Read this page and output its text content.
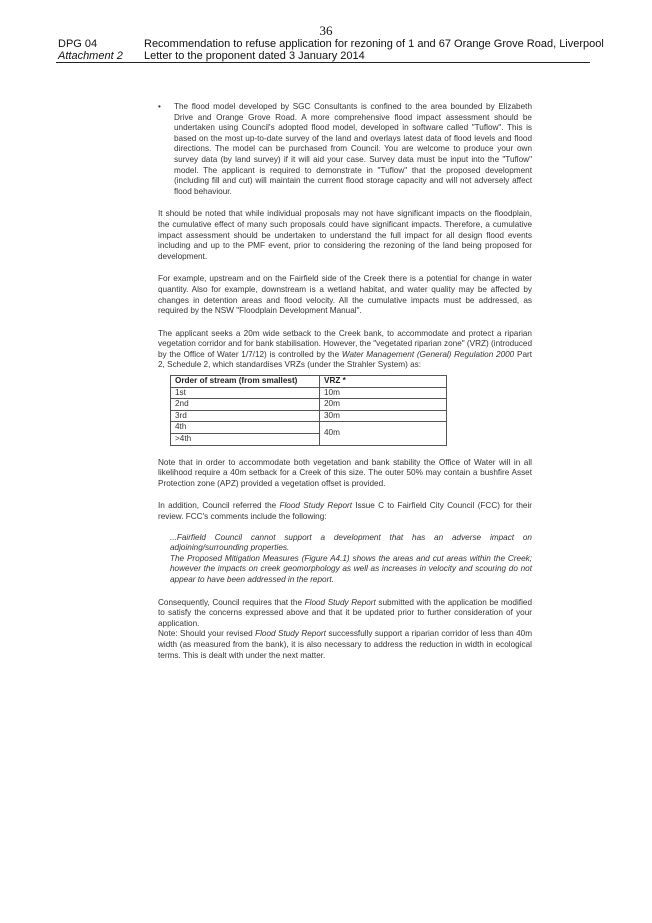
36
DPG 04
Attachment 2
Recommendation to refuse application for rezoning of 1 and 67 Orange Grove Road, Liverpool
Letter to the proponent dated 3 January 2014
•	The flood model developed by SGC Consultants is confined to the area bounded by Elizabeth Drive and Orange Grove Road. A more comprehensive flood impact assessment should be undertaken using Council's adopted flood model, developed in software called "Tuflow". This is based on the most up-to-date survey of the land and overlays latest data of flood levels and flood directions. The model can be purchased from Council. You are welcome to produce your own survey data (by land survey) if it will aid your case. Survey data must be input into the "Tuflow" model. The applicant is required to demonstrate in "Tuflow" that the proposed development (including fill and cut) will maintain the current flood storage capacity and will not adversely affect flood behaviour.

It should be noted that while individual proposals may not have significant impacts on the floodplain, the cumulative effect of many such proposals could have significant impacts. Therefore, a cumulative impact assessment should be undertaken to understand the full impact for all design flood events including and up to the PMF event, prior to considering the rezoning of the land being proposed for development.

For example, upstream and on the Fairfield side of the Creek there is a potential for change in water quantity. Also for example, downstream is a wetland habitat, and water quality may be affected by changes in detention areas and flood velocity. All the cumulative impacts must be addressed, as required by the NSW "Floodplain Development Manual".

The applicant seeks a 20m wide setback to the Creek bank, to accommodate and protect a riparian vegetation corridor and for bank stabilisation. However, the "vegetated riparian zone" (VRZ) (introduced by the Office of Water 1/7/12) is controlled by the Water Management (General) Regulation 2000 Part 2, Schedule 2, which standardises VRZs (under the Strahler System) as:

Order of stream (from smallest)	VRZ *
1st	10m
2nd	20m
3rd	30m
4th	40m
>4th	

Note that in order to accommodate both vegetation and bank stability the Office of Water will in all likelihood require a 40m setback for a Creek of this size. The outer 50% may contain a bushfire Asset Protection zone (APZ) provided a vegetation offset is provided.

In addition, Council referred the Flood Study Report Issue C to Fairfield City Council (FCC) for their review. FCC's comments include the following:

...Fairfield Council cannot support a development that has an adverse impact on adjoining/surrounding properties.
The Proposed Mitigation Measures (Figure A4.1) shows the areas and cut areas within the Creek; however the impacts on creek geomorphology as well as increases in velocity and scouring do not appear to have been addressed in the report.

Consequently, Council requires that the Flood Study Report submitted with the application be modified to satisfy the concerns expressed above and that it be updated prior to further consideration of your application.

Note: Should your revised Flood Study Report successfully support a riparian corridor of less than 40m width (as measured from the bank), it is also necessary to address the reduction in width in ecological terms. This is dealt with under the next matter.
